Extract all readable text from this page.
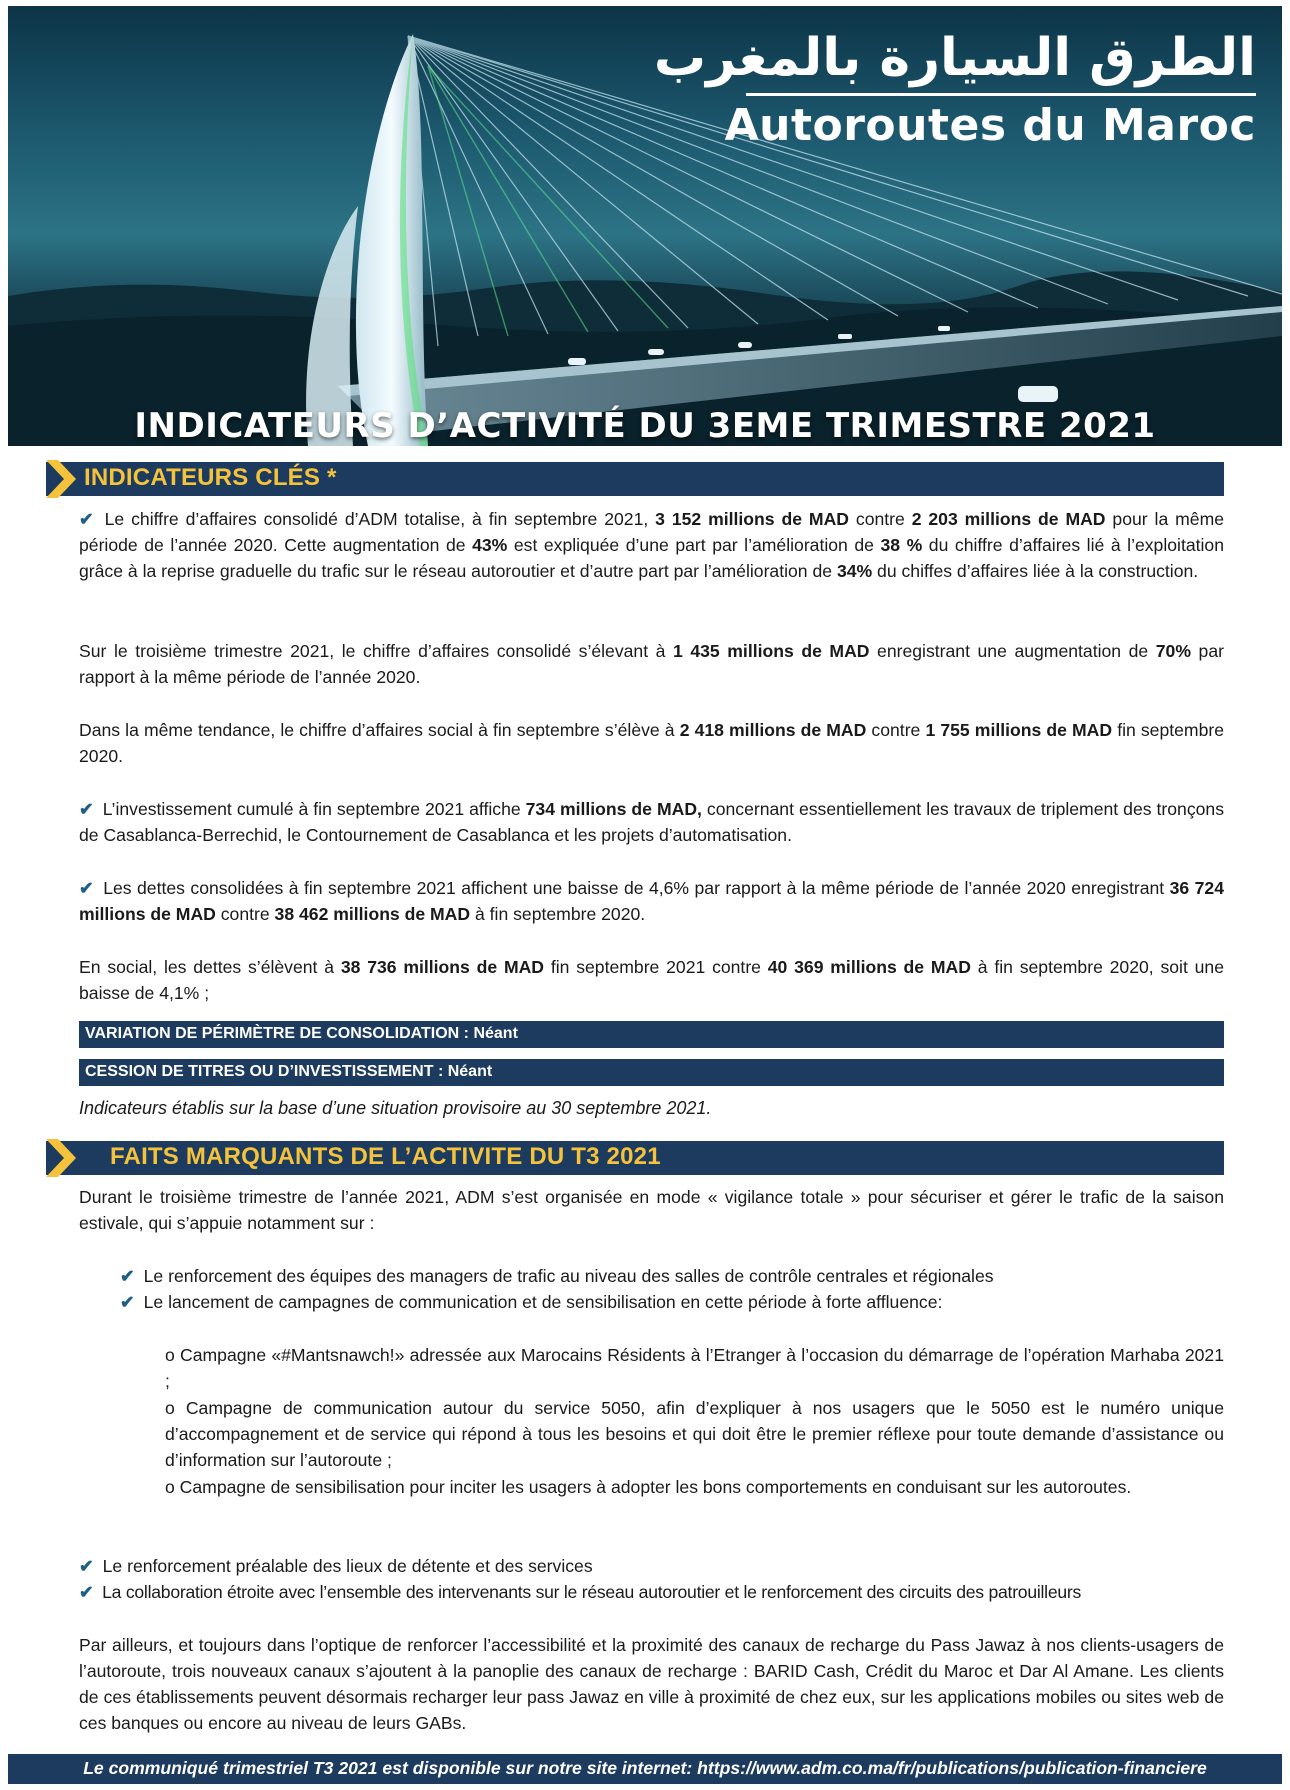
الطرق السيارة بالمغرب
Autoroutes du Maroc
INDICATEURS D’ACTIVITÉ DU 3EME TRIMESTRE 2021
INDICATEURS CLÉS *
✔ Le chiffre d’affaires consolidé d’ADM totalise, à fin septembre 2021, 3 152 millions de MAD contre 2 203 millions de MAD pour la même période de l’année 2020. Cette augmentation de 43% est expliquée d’une part par l’amélioration de 38 % du chiffre d’affaires lié à l’exploitation grâce à la reprise graduelle du trafic sur le réseau autoroutier et d’autre part par l’amélioration de 34% du chiffes d’affaires liée à la construction.
Sur le troisième trimestre 2021, le chiffre d’affaires consolidé s’élevant à 1 435 millions de MAD enregistrant une augmentation de 70% par rapport à la même période de l’année 2020.
Dans la même tendance, le chiffre d’affaires social à fin septembre s’élève à 2 418 millions de MAD contre 1 755 millions de MAD fin septembre 2020.
✔ L’investissement cumulé à fin septembre 2021 affiche 734 millions de MAD, concernant essentiellement les travaux de triplement des tronçons de Casablanca-Berrechid, le Contournement de Casablanca et les projets d’automatisation.
✔ Les dettes consolidées à fin septembre 2021 affichent une baisse de 4,6% par rapport à la même période de l’année 2020 enregistrant 36 724 millions de MAD contre 38 462 millions de MAD à fin septembre 2020.
En social, les dettes s’élèvent à 38 736 millions de MAD fin septembre 2021 contre 40 369 millions de MAD à fin septembre 2020, soit une baisse de 4,1% ;
VARIATION DE PÉRIMÈTRE DE CONSOLIDATION : Néant
CESSION DE TITRES OU D’INVESTISSEMENT : Néant
Indicateurs établis sur la base d’une situation provisoire au 30 septembre 2021.
FAITS MARQUANTS DE L’ACTIVITE DU T3 2021
Durant le troisième trimestre de l’année 2021, ADM s’est organisée en mode « vigilance totale » pour sécuriser et gérer le trafic de la saison estivale, qui s’appuie notamment sur :
✔ Le renforcement des équipes des managers de trafic au niveau des salles de contrôle centrales et régionales
✔ Le lancement de campagnes de communication et de sensibilisation en cette période à forte affluence:
o Campagne «#Mantsnawch!» adressée aux Marocains Résidents à l’Etranger à l’occasion du démarrage de l’opération Marhaba 2021 ;
o Campagne de communication autour du service 5050, afin d’expliquer à nos usagers que le 5050 est le numéro unique d’accompagnement et de service qui répond à tous les besoins et qui doit être le premier réflexe pour toute demande d’assistance ou d’information sur l’autoroute ;
o Campagne de sensibilisation pour inciter les usagers à adopter les bons comportements en conduisant sur les autoroutes.
✔ Le renforcement préalable des lieux de détente et des services
✔ La collaboration étroite avec l’ensemble des intervenants sur le réseau autoroutier et le renforcement des circuits des patrouilleurs
Par ailleurs, et toujours dans l’optique de renforcer l’accessibilité et la proximité des canaux de recharge du Pass Jawaz à nos clients-usagers de l’autoroute, trois nouveaux canaux s’ajoutent à la panoplie des canaux de recharge : BARID Cash, Crédit du Maroc et Dar Al Amane. Les clients de ces établissements peuvent désormais recharger leur pass Jawaz en ville à proximité de chez eux, sur les applications mobiles ou sites web de ces banques ou encore au niveau de leurs GABs.
Le communiqué trimestriel T3 2021 est disponible sur notre site internet: https://www.adm.co.ma/fr/publications/publication-financiere
